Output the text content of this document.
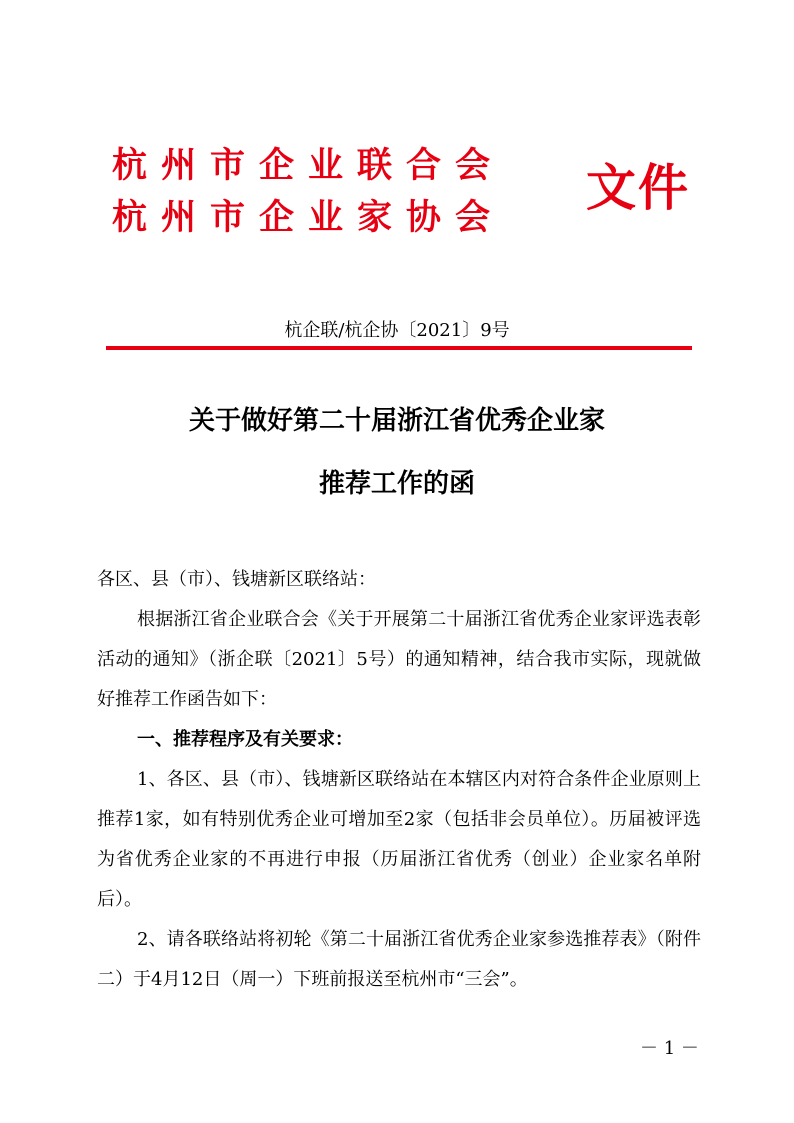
杭州市企业联合会
杭州市企业家协会
文件
杭企联/杭企协〔2021〕9号
关于做好第二十届浙江省优秀企业家
推荐工作的函

各区、县（市）、钱塘新区联络站：

根据浙江省企业联合会《关于开展第二十届浙江省优秀企业家评选表彰活动的通知》（浙企联〔2021〕5号）的通知精神，结合我市实际，现就做好推荐工作函告如下：

一、推荐程序及有关要求：

1、各区、县（市）、钱塘新区联络站在本辖区内对符合条件企业原则上推荐1家，如有特别优秀企业可增加至2家（包括非会员单位）。历届被评选为省优秀企业家的不再进行申报（历届浙江省优秀（创业）企业家名单附后）。

2、请各联络站将初轮《第二十届浙江省优秀企业家参选推荐表》（附件二）于4月12日（周一）下班前报送至杭州市“三会”。

－ 1 －
